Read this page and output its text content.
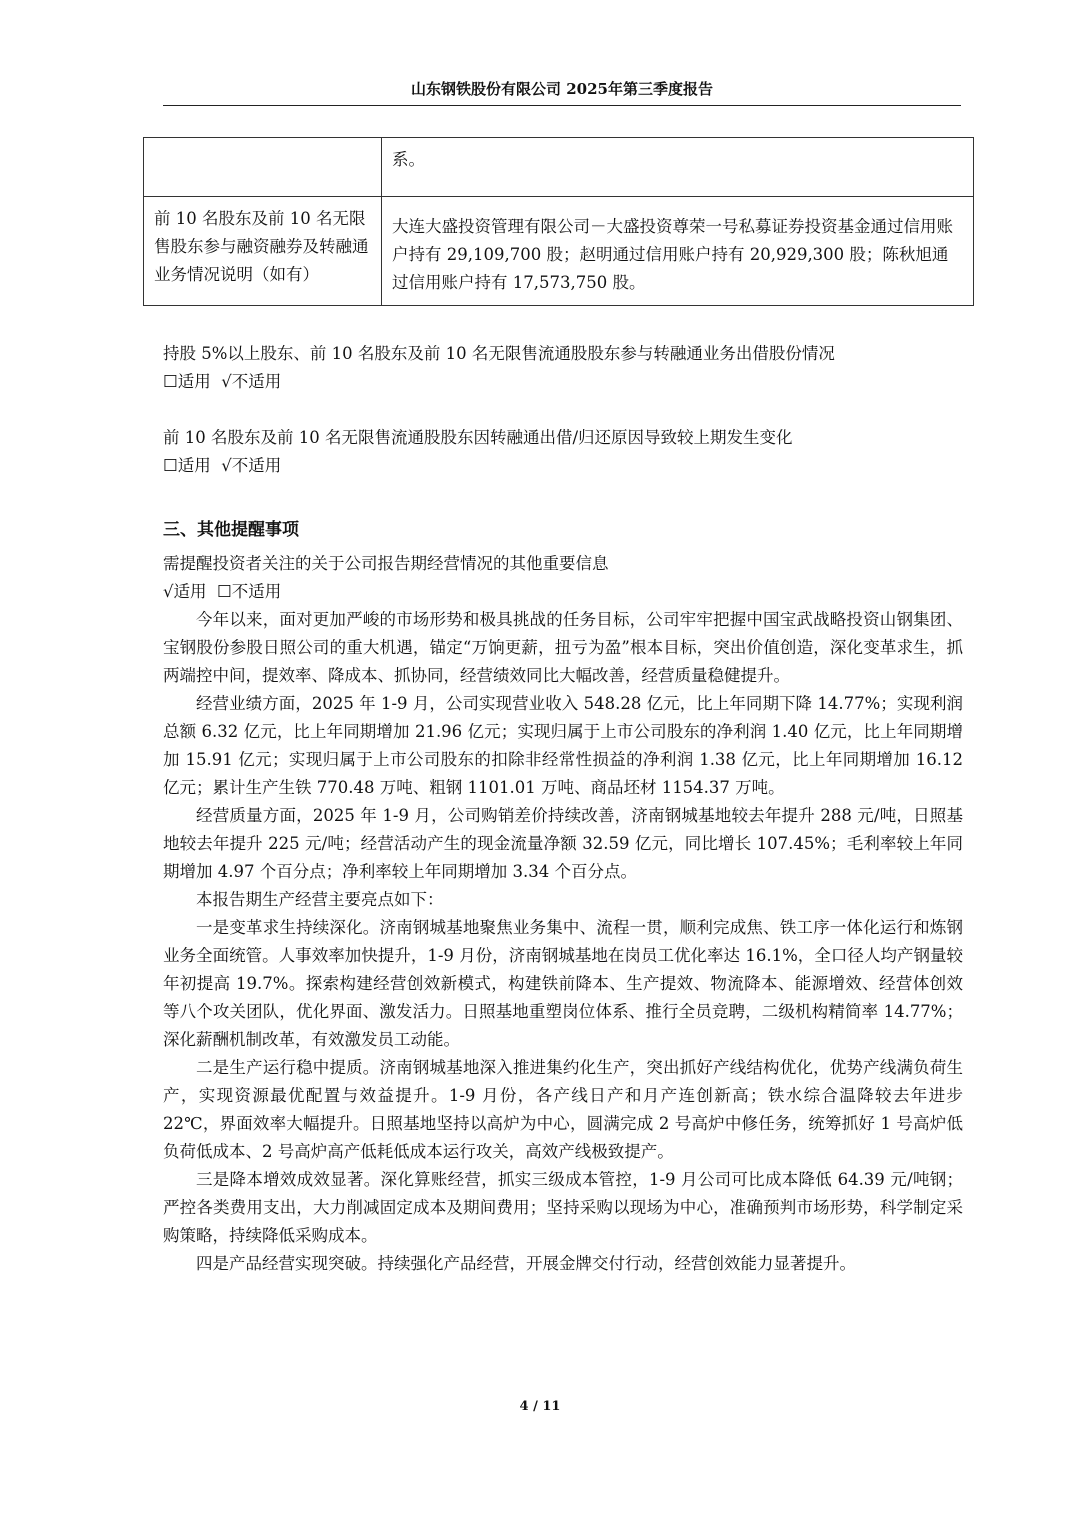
山东钢铁股份有限公司 2025年第三季度报告
	系。
前 10 名股东及前 10 名无限售股东参与融资融券及转融通业务情况说明（如有）	大连大盛投资管理有限公司－大盛投资尊荣一号私募证券投资基金通过信用账户持有 29,109,700 股；赵明通过信用账户持有 20,929,300 股；陈秋旭通过信用账户持有 17,573,750 股。

持股 5%以上股东、前 10 名股东及前 10 名无限售流通股股东参与转融通业务出借股份情况

☐适用  √不适用

前 10 名股东及前 10 名无限售流通股股东因转融通出借/归还原因导致较上期发生变化

☐适用  √不适用

三、其他提醒事项

需提醒投资者关注的关于公司报告期经营情况的其他重要信息

√适用  ☐不适用

今年以来，面对更加严峻的市场形势和极具挑战的任务目标，公司牢牢把握中国宝武战略投资山钢集团、宝钢股份参股日照公司的重大机遇，锚定“万饷更薪，扭亏为盈”根本目标，突出价值创造，深化变革求生，抓两端控中间，提效率、降成本、抓协同，经营绩效同比大幅改善，经营质量稳健提升。

经营业绩方面，2025 年 1-9 月，公司实现营业收入 548.28 亿元，比上年同期下降 14.77%；实现利润总额 6.32 亿元，比上年同期增加 21.96 亿元；实现归属于上市公司股东的净利润 1.40 亿元，比上年同期增加 15.91 亿元；实现归属于上市公司股东的扣除非经常性损益的净利润 1.38 亿元，比上年同期增加 16.12 亿元；累计生产生铁 770.48 万吨、粗钢 1101.01 万吨、商品坯材 1154.37 万吨。

经营质量方面，2025 年 1-9 月，公司购销差价持续改善，济南钢城基地较去年提升 288 元/吨，日照基地较去年提升 225 元/吨；经营活动产生的现金流量净额 32.59 亿元，同比增长 107.45%；毛利率较上年同期增加 4.97 个百分点；净利率较上年同期增加 3.34 个百分点。

本报告期生产经营主要亮点如下：

一是变革求生持续深化。济南钢城基地聚焦业务集中、流程一贯，顺利完成焦、铁工序一体化运行和炼钢业务全面统管。人事效率加快提升，1-9 月份，济南钢城基地在岗员工优化率达 16.1%，全口径人均产钢量较年初提高 19.7%。探索构建经营创效新模式，构建铁前降本、生产提效、物流降本、能源增效、经营体创效等八个攻关团队，优化界面、激发活力。日照基地重塑岗位体系、推行全员竞聘，二级机构精简率 14.77%；深化薪酬机制改革，有效激发员工动能。

二是生产运行稳中提质。济南钢城基地深入推进集约化生产，突出抓好产线结构优化，优势产线满负荷生产，实现资源最优配置与效益提升。1-9 月份，各产线日产和月产连创新高；铁水综合温降较去年进步 22℃，界面效率大幅提升。日照基地坚持以高炉为中心，圆满完成 2 号高炉中修任务，统筹抓好 1 号高炉低负荷低成本、2 号高炉高产低耗低成本运行攻关，高效产线极致提产。

三是降本增效成效显著。深化算账经营，抓实三级成本管控，1-9 月公司可比成本降低 64.39 元/吨钢；严控各类费用支出，大力削减固定成本及期间费用；坚持采购以现场为中心，准确预判市场形势，科学制定采购策略，持续降低采购成本。

四是产品经营实现突破。持续强化产品经营，开展金牌交付行动，经营创效能力显著提升。

4 / 11
